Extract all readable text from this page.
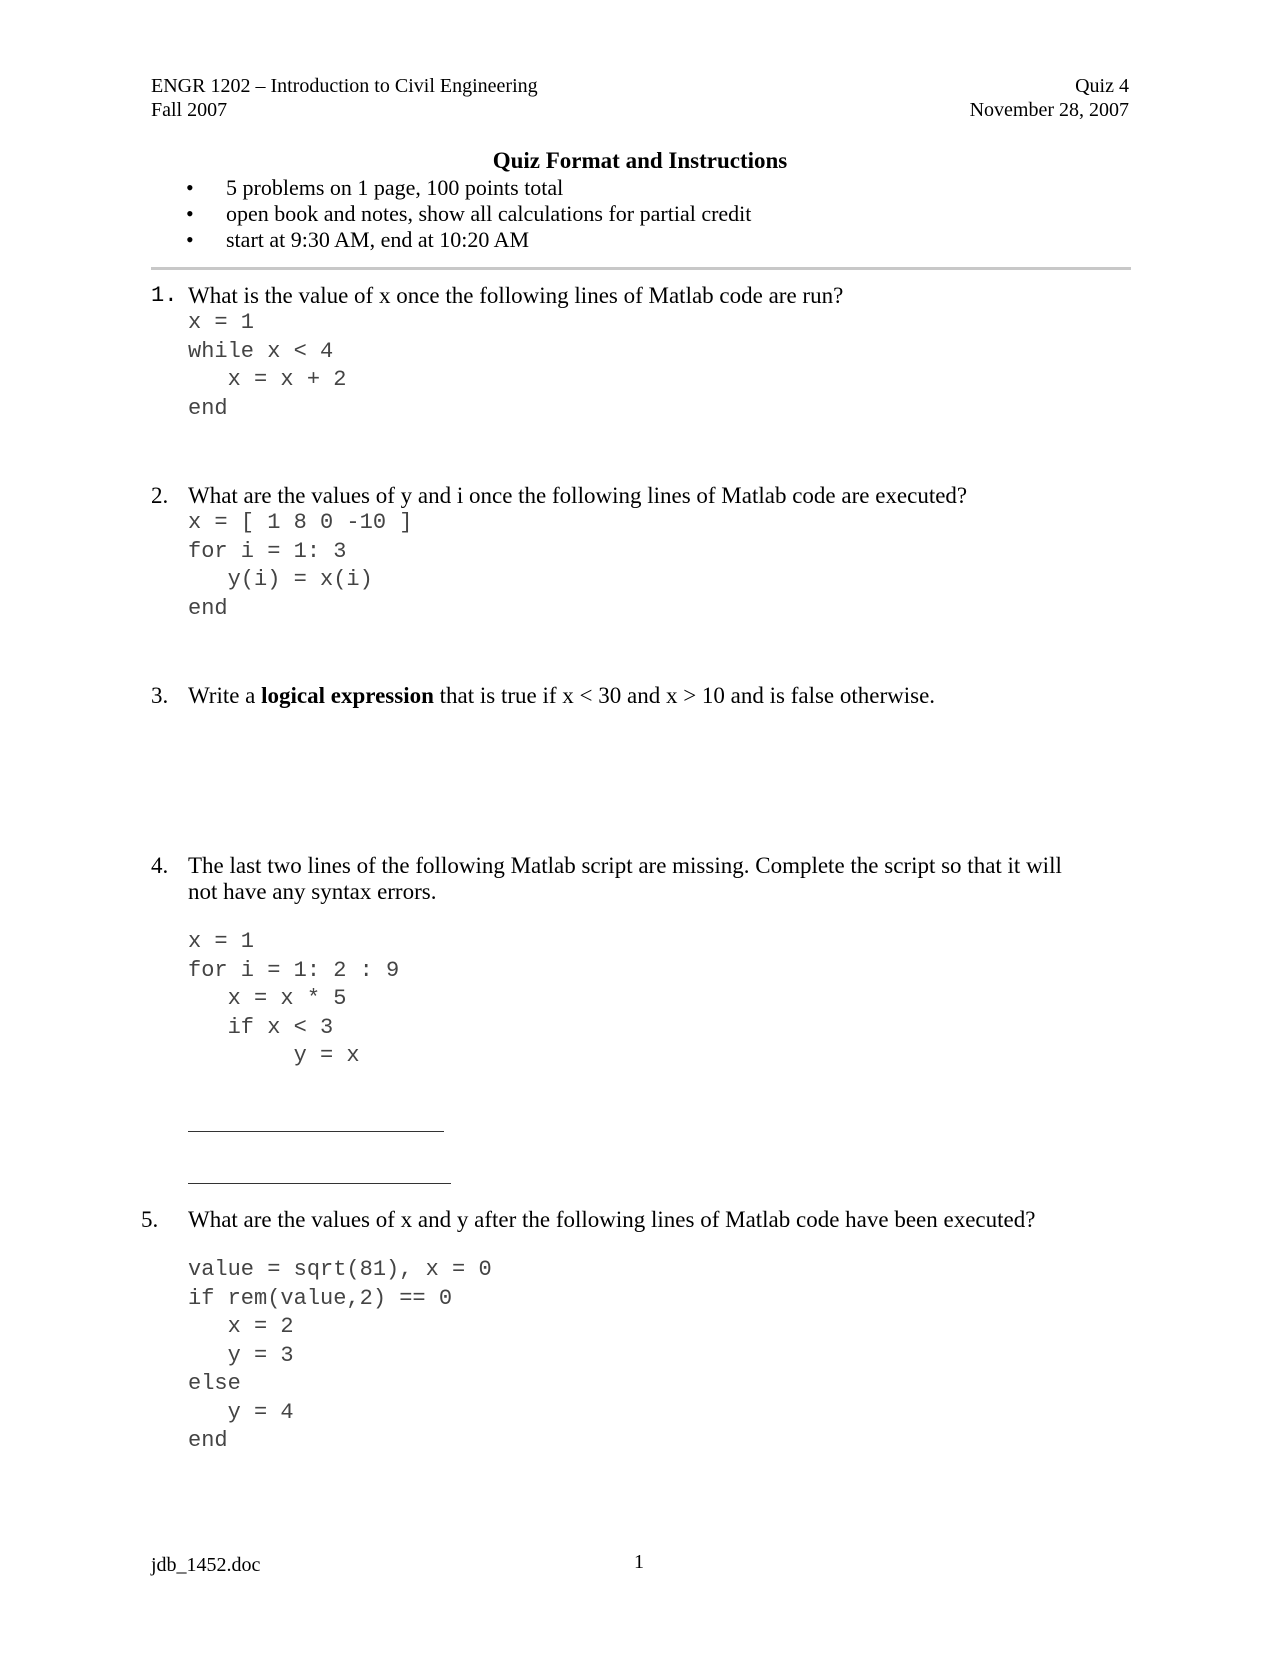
ENGR 1202 – Introduction to Civil Engineering
Fall 2007
Quiz 4
November 28, 2007
Quiz Format and Instructions
• 5 problems on 1 page, 100 points total
• open book and notes, show all calculations for partial credit
• start at 9:30 AM, end at 10:20 AM
1. What is the value of x once the following lines of Matlab code are run?
x = 1
while x < 4
x = x + 2
end
2. What are the values of y and i once the following lines of Matlab code are executed?
x = [ 1 8 0 -10 ]
for i = 1: 3
y(i) = x(i)
end
3. Write a logical expression that is true if x < 30 and x > 10 and is false otherwise.
4. The last two lines of the following Matlab script are missing. Complete the script so that it will
not have any syntax errors.
x = 1
for i = 1: 2 : 9
x = x * 5
if x < 3
y = x
5. What are the values of x and y after the following lines of Matlab code have been executed?
value = sqrt(81), x = 0
if rem(value,2) == 0
x = 2
y = 3
else
y = 4
end
jdb_1452.doc	1
